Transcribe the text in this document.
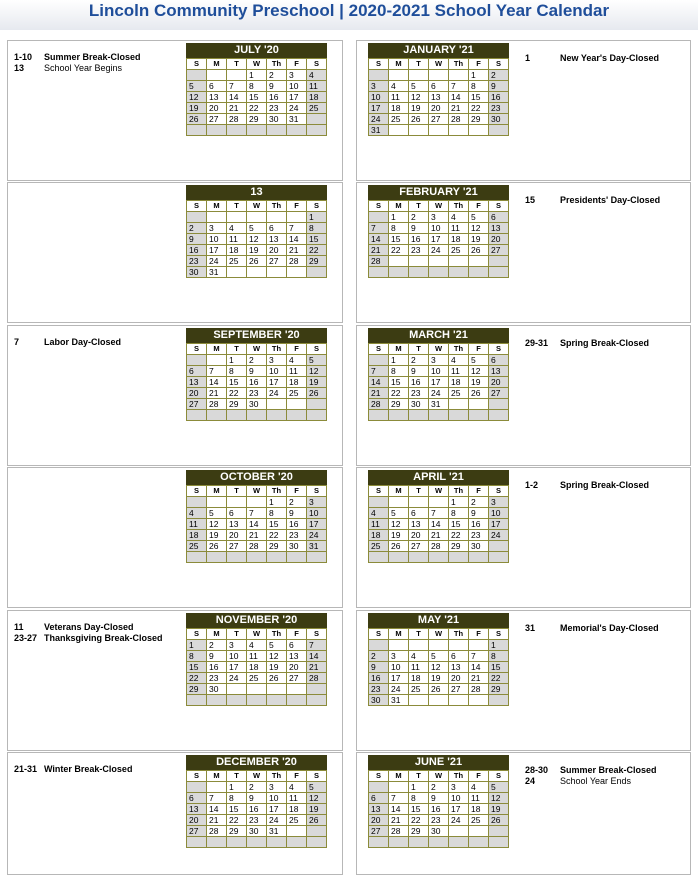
Lincoln Community Preschool | 2020-2021 School Year Calendar
JULY '20
S	M	T	W	Th	F	S
			1	2	3	4
5	6	7	8	9	10	11
12	13	14	15	16	17	18
19	20	21	22	23	24	25
26	27	28	29	30	31	

1-10 Summer Break-Closed
13 School Year Begins
13
S	M	T	W	Th	F	S
						1
2	3	4	5	6	7	8
9	10	11	12	13	14	15
16	17	18	19	20	21	22
23	24	25	26	27	28	29
30	31					
SEPTEMBER '20
S	M	T	W	Th	F	S
		1	2	3	4	5
6	7	8	9	10	11	12
13	14	15	16	17	18	19
20	21	22	23	24	25	26
27	28	29	30			

7	Labor Day-Closed
OCTOBER '20
S	M	T	W	Th	F	S
				1	2	3
4	5	6	7	8	9	10
11	12	13	14	15	16	17
18	19	20	21	22	23	24
25	26	27	28	29	30	31

NOVEMBER '20
S	M	T	W	Th	F	S
1	2	3	4	5	6	7
8	9	10	11	12	13	14
15	16	17	18	19	20	21
22	23	24	25	26	27	28
29	30					

11 Veterans Day-Closed
23-27 Thanksgiving Break-Closed
DECEMBER '20
S	M	T	W	Th	F	S
		1	2	3	4	5
6	7	8	9	10	11	12
13	14	15	16	17	18	19
20	21	22	23	24	25	26
27	28	29	30	31		

21-31 Winter Break-Closed
JANUARY '21
S	M	T	W	Th	F	S
					1	2
3	4	5	6	7	8	9
10	11	12	13	14	15	16
17	18	19	20	21	22	23
24	25	26	27	28	29	30
31						
1	New Year's Day-Closed
FEBRUARY '21
S	M	T	W	Th	F	S
	1	2	3	4	5	6
7	8	9	10	11	12	13
14	15	16	17	18	19	20
21	22	23	24	25	26	27
28						

15	Presidents' Day-Closed
MARCH '21
S	M	T	W	Th	F	S
	1	2	3	4	5	6
7	8	9	10	11	12	13
14	15	16	17	18	19	20
21	22	23	24	25	26	27
28	29	30	31			

29-31 Spring Break-Closed
APRIL '21
S	M	T	W	Th	F	S
				1	2	3
4	5	6	7	8	9	10
11	12	13	14	15	16	17
18	19	20	21	22	23	24
25	26	27	28	29	30	

1-2 Spring Break-Closed
MAY '21
S	M	T	W	Th	F	S
						1
2	3	4	5	6	7	8
9	10	11	12	13	14	15
16	17	18	19	20	21	22
23	24	25	26	27	28	29
30	31					
31	Memorial's Day-Closed
JUNE '21
S	M	T	W	Th	F	S
		1	2	3	4	5
6	7	8	9	10	11	12
13	14	15	16	17	18	19
20	21	22	23	24	25	26
27	28	29	30			

28-30 Summer Break-Closed
24	School Year Ends
